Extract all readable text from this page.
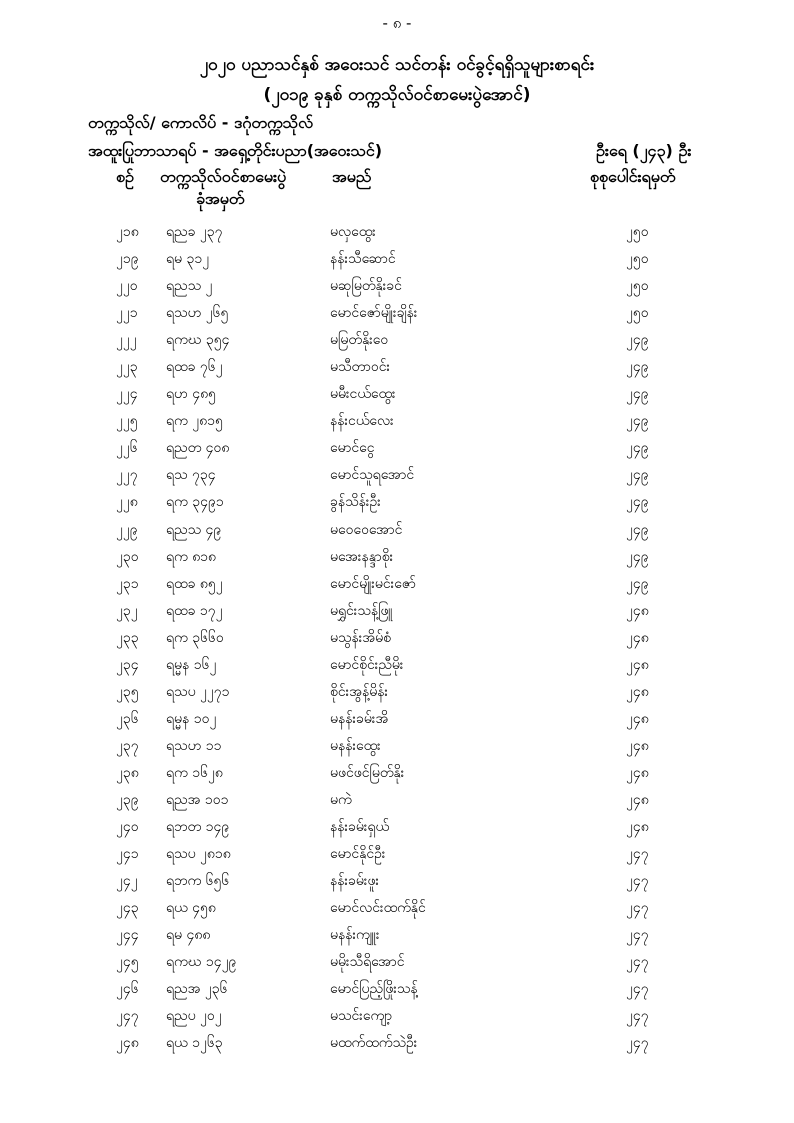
- ၈ -
၂၀၂၀ ပညာသင်နှစ် အဝေးသင် သင်တန်း ဝင်ခွင့်ရရှိသူများစာရင်း
(၂၀၁၉ ခုနှစ် တက္ကသိုလ်ဝင်စာမေးပွဲအောင်)
တက္ကသိုလ်/ ကောလိပ် - ဒဂုံတက္ကသိုလ်
အထူးပြုဘာသာရပ် - အရှေ့တိုင်းပညာ(အဝေးသင်)	ဦးရေ (၂၄၃) ဦး
စဉ် တက္ကသိုလ်ဝင်စာမေးပွဲ
ခုံအမှတ်
အမည်	စုစုပေါင်းရမှတ်
၂၁၈ ရညခ ၂၃၇	မလှထွေး	၂၅၀
၂၁၉ ရမ ၃၁၂	နန်းသီဆောင်	၂၅၀
၂၂၀ ရညသ ၂	မဆုမြတ်နိုးခင်	၂၅၀
၂၂၁ ရသဟ ၂၆၅	မောင်ဇော်မျိုးချိန်း	၂၅၀
၂၂၂ ရကဃ ၃၅၄	မမြတ်နိုးဝေ	၂၄၉
၂၂၃ ရထခ ၇၆၂	မသီတာဝင်း	၂၄၉
၂၂၄ ရဟ ၄၈၅	မမီးငယ်ထွေး	၂၄၉
၂၂၅ ရက ၂၈၁၅	နန်းငယ်လေး	၂၄၉
၂၂၆ ရညတ ၄၀၈	မောင်ငွေ	၂၄၉
၂၂၇ ရသ ၇၃၄	မောင်သူရအောင်	၂၄၉
၂၂၈ ရက ၃၄၉၁	ခွန်သိန်းဦး	၂၄၉
၂၂၉ ရညသ ၄၉	မဝေဝေအောင်	၂၄၉
၂၃၀ ရက ၈၁၈	မအေးနန္ဒာစိုး	၂၄၉
၂၃၁ ရထခ ၈၅၂	မောင်မျိုးမင်းဇော်	၂၄၉
၂၃၂ ရထခ ၁၇၂	မရွှင်းသန့်ဖြူ	၂၄၈
၂၃၃ ရက ၃၆၆၀	မသွန်းအိမ်စံ	၂၄၈
၂၃၄ ရမ္မန ၁၆၂	မောင်စိုင်းညီမိုး	၂၄၈
၂၃၅ ရသပ ၂၂၇၁	စိုင်းအွန့်မိန်း	၂၄၈
၂၃၆ ရမ္မန ၁၀၂	မနန်းခမ်းအိ	၂၄၈
၂၃၇ ရသဟ ၁၁	မနန်းထွေး	၂၄၈
၂၃၈ ရက ၁၆၂၈	မဖင်ဖင်မြတ်နိုး	၂၄၈
၂၃၉ ရညအ ၁၀၁	မကဲ	၂၄၈
၂၄၀ ရဘတ ၁၄၉	နန်းခမ်းရှယ်	၂၄၈
၂၄၁ ရသပ ၂၈၁၈	မောင်နိုင်ဦး	၂၄၇
၂၄၂ ရဘက ၆၅၆	နန်းခမ်းဖူး	၂၄၇
၂၄၃ ရယ ၄၅၈	မောင်လင်းထက်နိုင်	၂၄၇
၂၄၄ ရမ ၄၈၈	မနန်းကျူး	၂၄၇
၂၄၅ ရကဃ ၁၄၂၉	မမိုးသီရိအောင်	၂၄၇
၂၄၆ ရညအ ၂၃၆	မောင်ပြည့်ဖြိုးသန့်	၂၄၇
၂၄၇ ရညပ ၂၀၂	မသင်းကျော့	၂၄၇
၂၄၈ ရယ ၁၂၆၃	မထက်ထက်သဲဦး	၂၄၇
